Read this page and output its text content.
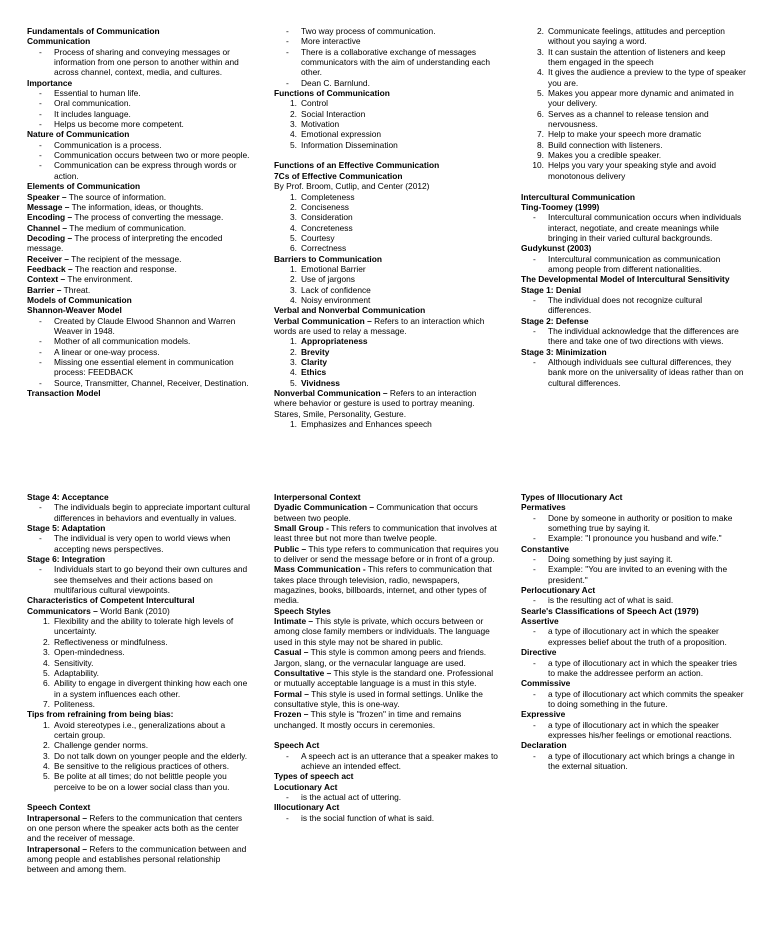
Fundamentals of Communication
Communication
- Process of sharing and conveying messages or information from one person to another within and across channel, context, media, and cultures.
Importance
- Essential to human life.
- Oral communication.
- It includes language.
- Helps us become more competent.
Nature of Communication
- Communication is a process.
- Communication occurs between two or more people.
- Communication can be express through words or action.
Elements of Communication
Speaker – The source of information.
Message – The information, ideas, or thoughts.
Encoding – The process of converting the message.
Channel – The medium of communication.
Decoding – The process of interpreting the encoded message.
Receiver – The recipient of the message.
Feedback – The reaction and response.
Context – The environment.
Barrier – Threat.
Models of Communication
Shannon-Weaver Model
- Created by Claude Elwood Shannon and Warren Weaver in 1948.
- Mother of all communication models.
- A linear or one-way process.
- Missing one essential element in communication process: FEEDBACK
- Source, Transmitter, Channel, Receiver, Destination.
Transaction Model
- Two way process of communication.
- More interactive
- There is a collaborative exchange of messages communicators with the aim of understanding each other.
- Dean C. Barnlund.
Functions of Communication
1. Control
2. Social Interaction
3. Motivation
4. Emotional expression
5. Information Dissemination
Functions of an Effective Communication
7Cs of Effective Communication
By Prof. Broom, Cutlip, and Center (2012)
1. Completeness
2. Conciseness
3. Consideration
4. Concreteness
5. Courtesy
6. Correctness
Barriers to Communication
1. Emotional Barrier
2. Use of jargons
3. Lack of confidence
4. Noisy environment
Verbal and Nonverbal Communication
Verbal Communication – Refers to an interaction which words are used to relay a message.
1. Appropriateness
2. Brevity
3. Clarity
4. Ethics
5. Vividness
Nonverbal Communication – Refers to an interaction where behavior or gesture is used to portray meaning. Stares, Smile, Personality, Gesture.
1. Emphasizes and Enhances speech
2. Communicate feelings, attitudes and perception without you saying a word.
3. It can sustain the attention of listeners and keep them engaged in the speech
4. It gives the audience a preview to the type of speaker you are.
5. Makes you appear more dynamic and animated in your delivery.
6. Serves as a channel to release tension and nervousness.
7. Help to make your speech more dramatic
8. Build connection with listeners.
9. Makes you a credible speaker.
10. Helps you vary your speaking style and avoid monotonous delivery
Intercultural Communication
Ting-Toomey (1999)
- Intercultural communication occurs when individuals interact, negotiate, and create meanings while bringing in their varied cultural backgrounds.
Gudykunst (2003)
- Intercultural communication as communication among people from different nationalities.
The Developmental Model of Intercultural Sensitivity
Stage 1: Denial
- The individual does not recognize cultural differences.
Stage 2: Defense
- The individual acknowledge that the differences are there and take one of two directions with views.
Stage 3: Minimization
- Although individuals see cultural differences, they bank more on the universality of ideas rather than on cultural differences.
Stage 4: Acceptance
- The individuals begin to appreciate important cultural differences in behaviors and eventually in values.
Stage 5: Adaptation
- The individual is very open to world views when accepting news perspectives.
Stage 6: Integration
- Individuals start to go beyond their own cultures and see themselves and their actions based on multifarious cultural viewpoints.
Characteristics of Competent Intercultural
Communicators – World Bank (2010)
1. Flexibility and the ability to tolerate high levels of uncertainty.
2. Reflectiveness or mindfulness.
3. Open-mindedness.
4. Sensitivity.
5. Adaptability.
6. Ability to engage in divergent thinking how each one in a system influences each other.
7. Politeness.
Tips from refraining from being bias:
1. Avoid stereotypes i.e., generalizations about a certain group.
2. Challenge gender norms.
3. Do not talk down on younger people and the elderly.
4. Be sensitive to the religious practices of others.
5. Be polite at all times; do not belittle people you perceive to be on a lower social class than you.
Speech Context
Intrapersonal – Refers to the communication that centers on one person where the speaker acts both as the center and the receiver of message.
Intrapersonal – Refers to the communication between and among people and establishes personal relationship between and among them.
Interpersonal Context
Dyadic Communication – Communication that occurs between two people.
Small Group - This refers to communication that involves at least three but not more than twelve people.
Public – This type refers to communication that requires you to deliver or send the message before or in front of a group.
Mass Communication - This refers to communication that takes place through television, radio, newspapers, magazines, books, billboards, internet, and other types of media.
Speech Styles
Intimate – This style is private, which occurs between or among close family members or individuals. The language used in this style may not be shared in public.
Casual – This style is common among peers and friends. Jargon, slang, or the vernacular language are used.
Consultative – This style is the standard one. Professional or mutually acceptable language is a must in this style.
Formal – This style is used in formal settings. Unlike the consultative style, this is one-way.
Frozen – This style is "frozen" in time and remains unchanged. It mostly occurs in ceremonies.
Speech Act
- A speech act is an utterance that a speaker makes to achieve an intended effect.
Types of speech act
Locutionary Act
- is the actual act of uttering.
Illocutionary Act
- is the social function of what is said.
Types of Illocutionary Act
Permatives
- Done by someone in authority or position to make something true by saying it.
- Example: "I pronounce you husband and wife."
Constantive
- Doing something by just saying it.
- Example: "You are invited to an evening with the president."
Perlocutionary Act
- is the resulting act of what is said.
Searle's Classifications of Speech Act (1979)
Assertive
- a type of illocutionary act in which the speaker expresses belief about the truth of a proposition.
Directive
- a type of illocutionary act in which the speaker tries to make the addressee perform an action.
Commissive
- a type of illocutionary act which commits the speaker to doing something in the future.
Expressive
- a type of illocutionary act in which the speaker expresses his/her feelings or emotional reactions.
Declaration
- a type of illocutionary act which brings a change in the external situation.
